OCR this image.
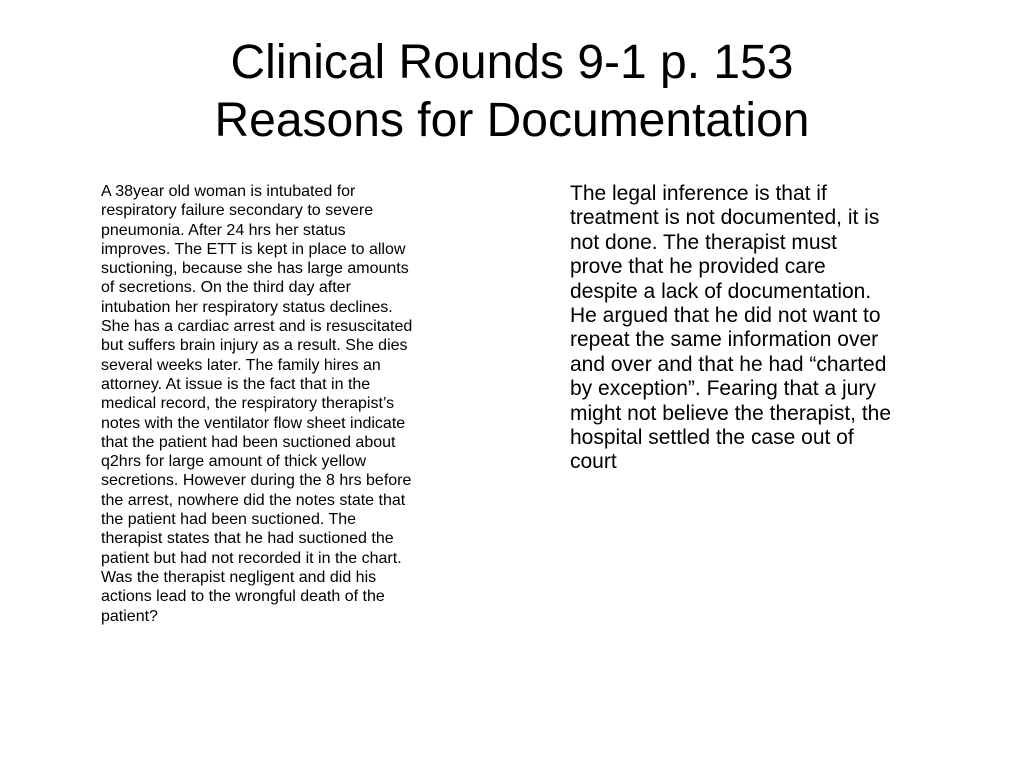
Clinical Rounds 9-1 p. 153
Reasons for Documentation

A 38year old woman is intubated for
respiratory failure secondary to severe
pneumonia. After 24 hrs her status
improves. The ETT is kept in place to allow
suctioning, because she has large amounts
of secretions. On the third day after
intubation her respiratory status declines.
She has a cardiac arrest and is resuscitated
but suffers brain injury as a result. She dies
several weeks later. The family hires an
attorney. At issue is the fact that in the
medical record, the respiratory therapist’s
notes with the ventilator flow sheet indicate
that the patient had been suctioned about
q2hrs for large amount of thick yellow
secretions. However during the 8 hrs before
the arrest, nowhere did the notes state that
the patient had been suctioned. The
therapist states that he had suctioned the
patient but had not recorded it in the chart.
Was the therapist negligent and did his
actions lead to the wrongful death of the
patient?

The legal inference is that if
treatment is not documented, it is
not done. The therapist must
prove that he provided care
despite a lack of documentation.
He argued that he did not want to
repeat the same information over
and over and that he had “charted
by exception”. Fearing that a jury
might not believe the therapist, the
hospital settled the case out of
court
